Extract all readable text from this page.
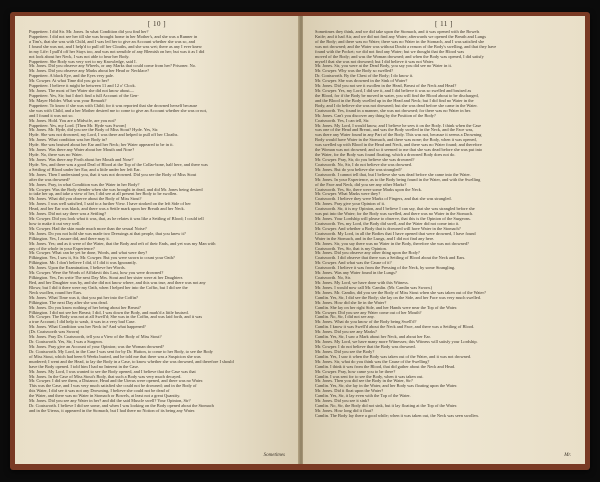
[ 10 ]
Puppetteer. I did Sir. Mr. Jones. In what Condition did you find her?
Puppetteer. I did not see her till she was brought home in her Mother's, and she was a Runner in
a Tim's, that she was with Child, and I was led her to give an Account whether she was so, and
I found she was not, and I help'd to pull off her Cloaths, and she was wet; there as any I ever knew
in my Life: I pull'd off her Stays too, and was not sensible of any Blemish on her; but was it as I did
not look about her Neck, I was not able to hear her Body.
Puppetteer. She Body was very wet to my Knowledge, said I.
Mr. Jones. Did you observe any Wheels, or any Marks that could come from her? Prisoner. No.
Mr. Jones. Did you observe any Marks about her Head or Necklace?
Puppetteer. A black Eye, and the Eyes very pale.
Mr. Cowper. At what Time did you go to her?
Puppetteer. I believe it might be between 11 and 12 o' Clock.
Mr. Jones. The most of her Water she did not know about—
Puppetteer. Yes, Sir; but I don't find a full Account of the Gen-
Mr. Mayer Holder. What was your Remark?
Puppetteer. To know if she was with Child; for it was reported that she drowned herself because
she was with Child, and a her Mother desired me to come to give an Account whether she was or not,
and I found it was not so.
Mr. Jones. Hold. You are a Midwife, are you not?
Puppetteer. Yes, my Lord. [Then Mr. Hyde was Sworn]
Mr. Jones. Mr. Hyde, did you see the Body of Miss Stout? Hyde. Yes, Sir.
Hyde. She was not drowned, my Lord, I was there and helped to pull off her Cloaths.
Mr. Jones. What condition was her Body in?
Hyde. She was bruised about her Ear and her Neck; her Water appeared to be in it.
Mr. Jones. Was there any Water about her Mouth and Nose?
Hyde. No, there was no Water.
Mr. Jones. Was there any Froth about her Mouth and Nose?
Hyde. Yes, and there was a good Deal of Blood at the Top of the Collar-bone, half here, and there was
a Settling of Blood under her Ear, and a little under her left Ear.
Mr. Jones. Then I understand you, that it was not drowned. Did you see the Body of Miss Stout
after the was drowned?
Mr. Jones. Pray, in what Condition was the Water in her Body?
Mr. Cowper. Was the Body slender when she was brought in dead, and did Mr. Jones being desired
to take her up, and take a view of her, I did see at all present her Body to be swollen.
Mr. Jones. What did you observe about the Body of Miss Stout?
Mr. Jones. I was well satisfied, I said to a further View. I have stroked on the left Side of her
Head, and her Ear was black, and there was a Settle mark upon her Breath and her Neck.
Mr. Jones. Did not say there was a Settling?
Mr. Cowper. Did you look what it was, that, as he relates it was like a Settling of Blood; I could tell
how to make it out very well.
Mr. Cowper. Had the skin made much more than the sexual Noise?
Mr. Jones. Do you not hold she was made two Dressings at that people, that you knew it?
Pilkington. Yes, I assure did, and there may it.
Mr. Jones. Yes; and as it were of the Water, that the Body and reft of their Ends, and yet was my Man with
any of the whole in your Experience?
Mr. Cowper. What can be yet be done, Words, and what were they?
Pilkington. Yes, I saw it, Sir. Mr. Cowper. But you were sworn to count your Oath?
Pilkington. Mr. I don't believe I did, if I did it was Ignorantly.
Mr. Jones. Upon the Examination, I believe her Words.
Mr. Cowper. Were the Words of Affidavit this Last, how you were drowned?
Pilkington. Yes, I'm write The next Day Mrs. Stout and her sister were at her Daughters
Bed, and her Daughter was by, and she did not know where, and this was true, and there was not any
Blows; but I did it there were my Oath, when I helped her into the Coffin, but I did see the
Neck swollen, round her Ears.
Mr. Jones. What Time was it, that you put her into the Coffin?
Pilkington. The next Day after she was dead.
Mr. Jones. Do you know nothing of her being about her Breast?
Pilkington. I did not see her Breast; I did, I was down the Body, and mark'd a little bruised.
Mr. Cowper. The Body was not at all Swell'd; She was in the Coffin, and was laid forth, and it was
a true Account; I did help to wash, it was in a very bad Case.
Mr. Jones. What Condition was her Neck in? And what happened?
(Dr. Coatsworth was Sworn)
Mr. Jones. Pray Dr. Coatsworth, tell you a View of the Body of Miss Stout?
Dr. Coatsworth. Yes, Sir, I was a Surgeon.
Mr. Jones. Pray give an Account of your Opinion; was the Woman drowned?
Dr. Coatsworth. My Lord, in the Case I was sent for by Dr. Hutton, to come to her Body, to see the Body
of Miss Stout, which had been 6 Weeks buried, and he told me that there was a Suspicion she was
murdered; I went and the Head, to lay the Body in a Case, to know whether she was drowned, and therefore I should
have the Body opened. I told him I had no Interest in the Case.
Mr. Jones. My Lord, I was wanted to see the Body opened, and I believe that the Case was that
Mr. Jones. In the Case of Miss Stout's Body, that such a Body was very much decayed.
Mr. Cowper. I did see them, a Distance, Head and the Uterus were opened, and there was no Water.
This was the Case, and I was very much satisfied she could not be drowned; and in the Body of
this Water, I did see it was not any Drowning, I believe she could not be dead of
the Water, and there was no Water in Stomach or Bowels, at least not a great Quantity.
Mr. Jones. Did you see any Water in her? and did the said Muscle swell? Your Opinion, Sir?
Dr. Coatsworth. I believe I did see some, and when I was looking on the Body opened about the Stomach
and in the Uterus, it appeared in the Stomach, but I had there no Notion of its being any Water.
Sometimes
[ 11 ]
Sometimes they think, and we did take upon the Stomach, and it was opened with the Bowels
Knife; and it had Air, and we did not find any Water; afterwards we opened the Breath and Lungs
of the Body; and there was no Water; there was no Water in the Stomach, and I was satisfied she
was not drowned; and the Water was without Doubt a reason of the Body's swelling, and that they have
found with the Pocket; we did not find any Water; but we thought that the Blood was
moved of the Body; and was the Woman drowned; and when the Body was opened, I did satisfy
myself that she was not drowned; but I did believe it was not Water.
Mr. Jones. Sir, you were at the Dead Body, you say you did see no Water in it.
Mr. Cowper. Why was the Body so swelled?
Dr. Coatsworth. By the Chest of the Body; I do know it.
Mr. Cowper. She was drowned in the Sink of Water?
Mr. Jones. Did you not see it swollen in the Head, Breast of the Neck and Head?
Mr. Cowper. Yes, my Lord, I did see it, and I did believe it was so swelled and bruised as
the Blood, for if the Body be moved in water, you will find the Blood about to be discharged,
and the Blood in the Body swelled up in the Head and Neck; but I did find no Water in the
Body, and I do believe she was not drowned; but she was dead before she came in the Water.
Coatsworth. Yes, found in a manner, she was not drowned; for there was no Water in her.
Mr. Jones. Can't you discover any thing by the Position of the Body?
Coatsworth. Yes, I can tell, Sir.
Mr. Jones. My Lord, I would know, and I believe he sees it on the Body. I think when the Case
was one of the Head and Breast, and was the Body swelled in the Neck, and the Face was,
was there any Water found in any Part of the Body. This was not, because it seems a Drowning
Body would have Water in the Stomach, and there was none; the Body, when it was opened,
was swelled up with Blood in the Head and Neck, and there was no Water found; and therefore
the Woman was not drowned; and so it seemed to me that she was dead before she was put into
the Water, for the Body was found floating, which a drowned Body does not do.
Mr. Cowper. Pray, Sir, do you believe she was drowned?
Coatsworth. No, Sir, I do not believe she was drowned.
Mr. Jones. But do you believe she was strangled?
Coatsworth. I cannot tell that, but I believe she was dead before she came into the Water.
Mr. Jones. In your Experience, as to the Body being found in the Water, and with the Swelling
of the Face and Neck, did you see any other Marks?
Coatsworth. Yes, Sir, there were some Marks upon the Neck.
Mr. Cowper. What Marks were they?
Coatsworth. I believe they were Marks of Fingers, and that she was strangled.
Mr. Jones. Pray give your Opinion of it.
Coatsworth. Sir, it is my Opinion, and I believe I can say, that she was strangled before she
was put into the Water; for the Body was swelled, and there was no Water in the Stomach.
Mr. Jones. Your Lordship will please to observe, that this is the Opinion of the Surgeons.
Coatsworth. Yes, my Lord, the Body did swell, and the Water did not come into it.
Mr. Cowper. And whether a Body that is drowned will have Water in the Stomach?
Coatsworth. My Lord, in all the Bodies that I have opened that were drowned, I have found
Water in the Stomach, and in the Lungs, and I did not find any here.
Mr. Jones. Sir, you say there was no Water in the Body, therefore she was not drowned?
Coatsworth. Yes, Sir, that is my Opinion.
Mr. Jones. Did you observe any other thing upon the Body?
Coatsworth. I did observe that there was a Settling of Blood about the Neck and Ears.
Mr. Cowper. And what was the Cause of it?
Coatsworth. I believe it was from the Pressing of the Neck, by some Strangling.
Mr. Jones. Was any Water found in the Lungs?
Coatsworth. No, Sir.
Mr. Jones. My Lord, we have done with this Witness.
Mr. Jones. I would now call Mr. Camlin. (Mr. Camlin was Sworn.)
Mr. Jones. Mr. Camlin, did you see the Body of Miss Stout when she was taken out of the Water?
Camlin. Yes, Sir, I did see the Body; she lay on the Side, and her Face was very much swelled.
Mr. Jones. How did she lie in the Water?
Camlin. She lay on her right Side, and her Hands were near the Top of the Water.
Mr. Cowper. Did you see any Water come out of her Mouth?
Camlin. No, Sir, I did not see any.
Mr. Jones. What do you know of the Body being Swell'd?
Camlin. I know it was Swell'd about the Neck and Face, and there was a Settling of Blood.
Mr. Jones. Did you see any Marks?
Camlin. Yes, Sir, I saw a Mark about her Neck, and about her Ear.
Mr. Jones. My Lord, we have many more Witnesses; this Witness will satisfy your Lordship.
Mr. Cowper. I do not believe that the Body was drowned.
Mr. Jones. Did you see the Body?
Camlin. Yes, I saw it when the Body was taken out of the Water, and it was not drowned.
Mr. Jones. Sir, what do you think was the Cause of the Swelling?
Camlin. I think it was from the Blood, that did gather about the Neck and Head.
Mr. Cowper. Pray, how came you to be there?
Camlin. I was sent for to see the Body, when it was taken out.
Mr. Jones. Then you did see the Body in the Water, Sir?
Camlin. Yes, Sir, she lay in the Water, and her Body was floating upon the Water.
Mr. Jones. Did it float upon the Water?
Camlin. Yes, Sir, it lay even with the Top of the Water.
Mr. Jones. Did you see it sink?
Camlin. No, Sir, the Body did not sink, but it lay floating at the Top of the Water.
Mr. Jones. How long did it float?
Camlin. The Body lay there a good while; when it was taken out, the Neck was seen swollen.
Mr.
